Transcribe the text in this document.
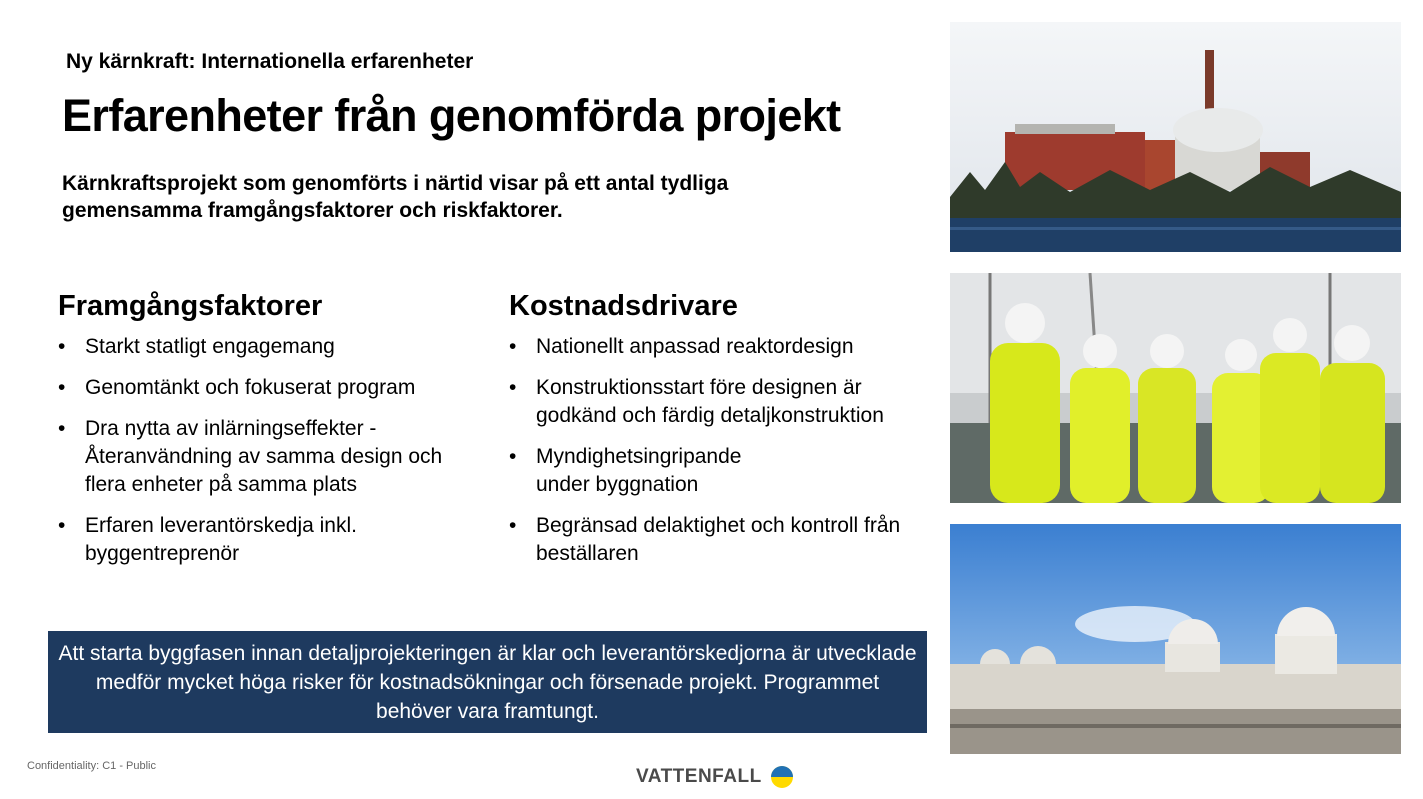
Ny kärnkraft: Internationella erfarenheter
Erfarenheter från genomförda projekt
Kärnkraftsprojekt som genomförts i närtid visar på ett antal tydliga gemensamma framgångsfaktorer och riskfaktorer.
Framgångsfaktorer
• Starkt statligt engagemang
• Genomtänkt och fokuserat program
• Dra nytta av inlärningseffekter - Återanvändning av samma design och flera enheter på samma plats
• Erfaren leverantörskedja inkl. byggentreprenör
Kostnadsdrivare
• Nationellt anpassad reaktordesign
• Konstruktionsstart före designen är godkänd och färdig detaljkonstruktion
• Myndighetsingripande under byggnation
• Begränsad delaktighet och kontroll från beställaren
Att starta byggfasen innan detaljprojekteringen är klar och leverantörskedjorna är utvecklade medför mycket höga risker för kostnadsökningar och försenade projekt. Programmet behöver vara framtungt.
Confidentiality: C1 - Public	VATTENFALL
